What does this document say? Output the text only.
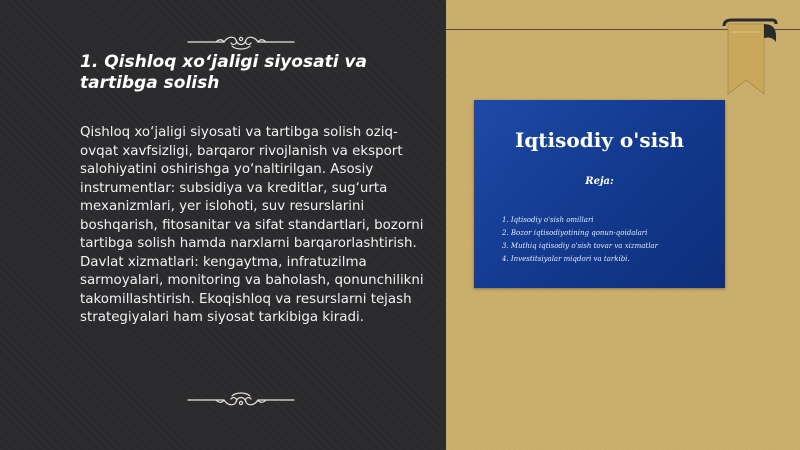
1. Qishloq xo‘jaligi siyosati va tartibga solish

Qishloq xo‘jaligi siyosati va tartibga solish oziq-ovqat xavfsizligi, barqaror rivojlanish va eksport salohiyatini oshirishga yo‘naltirilgan. Asosiy instrumentlar: subsidiya va kreditlar, sug‘urta mexanizmlari, yer islohoti, suv resurslarini boshqarish, fitosanitar va sifat standartlari, bozorni tartibga solish hamda narxlarni barqarorlashtirish. Davlat xizmatlari: kengaytma, infratuzilma sarmoyalari, monitoring va baholash, qonunchilikni takomillashtirish. Ekoqishloq va resurslarni tejash strategiyalari ham siyosat tarkibiga kiradi.

Iqtisodiy o'sish
Reja:
1. Iqtisodiy o'sish omillari
2. Bozor iqtisodiyotining qonun-qoidalari
3. Muthiq iqtisodiy o'sish tovar va xizmatlar
4. Investitsiyalar miqdori va tarkibi.
